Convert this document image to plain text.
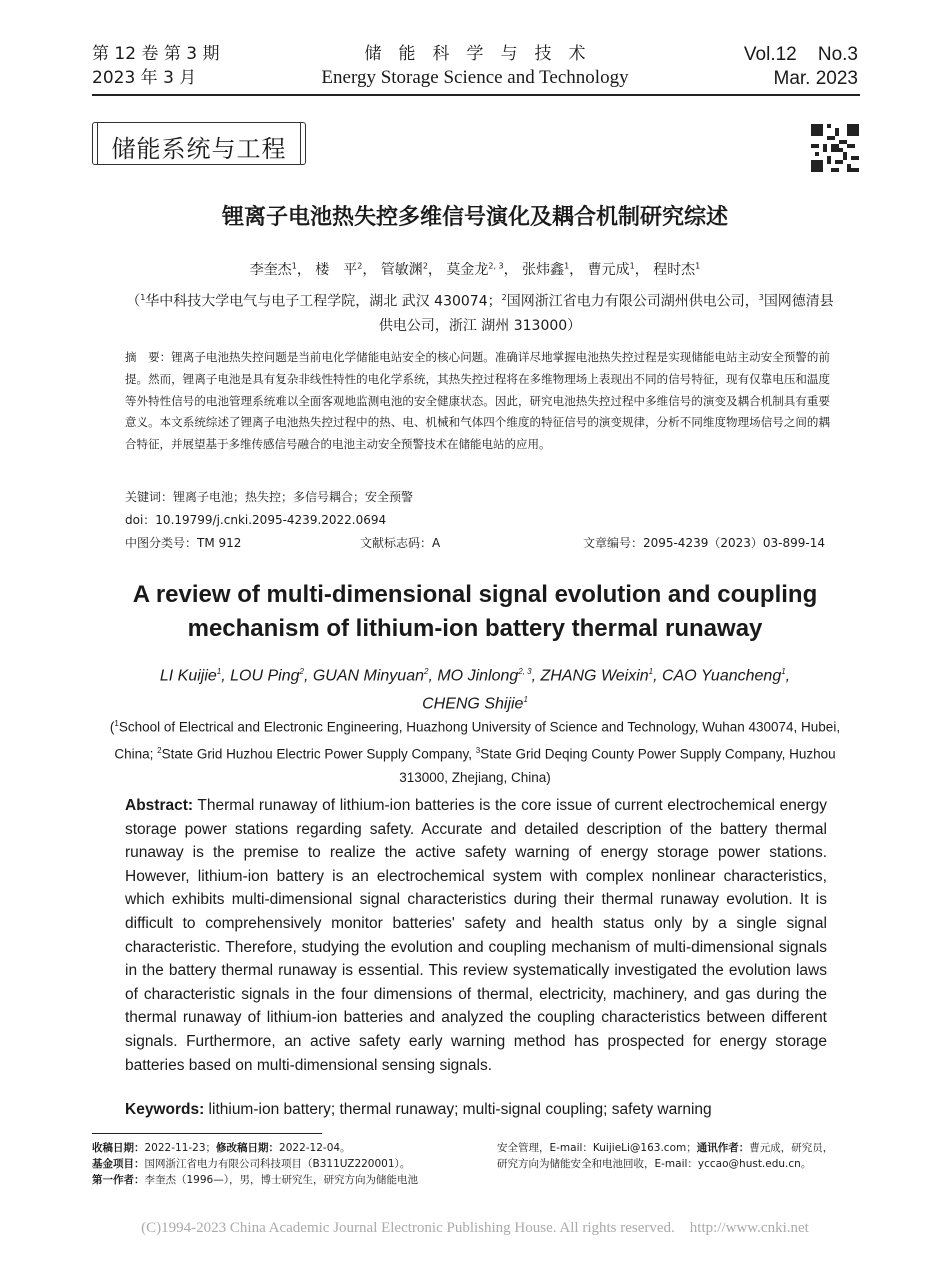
第 12 卷 第 3 期
2023 年 3 月
储　能　科　学　与　技　术
Energy Storage Science and Technology
Vol.12    No.3
Mar. 2023
储能系统与工程
锂离子电池热失控多维信号演化及耦合机制研究综述
李奎杰$^1$， 楼　平$^2$， 管敏渊$^2$， 莫金龙$^{2, 3}$， 张炜鑫$^1$， 曹元成$^1$， 程时杰$^1$
（$^1$华中科技大学电气与电子工程学院，湖北 武汉 430074；$^2$国网浙江省电力有限公司湖州供电公司，$^3$国网德清县供电公司，浙江 湖州 313000）
摘　要：锂离子电池热失控问题是当前电化学储能电站安全的核心问题。准确详尽地掌握电池热失控过程是实现储能电站主动安全预警的前提。然而，锂离子电池是具有复杂非线性特性的电化学系统，其热失控过程将在多维物理场上表现出不同的信号特征，现有仅靠电压和温度等外特性信号的电池管理系统难以全面客观地监测电池的安全健康状态。因此，研究电池热失控过程中多维信号的演变及耦合机制具有重要意义。本文系统综述了锂离子电池热失控过程中的热、电、机械和气体四个维度的特征信号的演变规律，分析不同维度物理场信号之间的耦合特征，并展望基于多维传感信号融合的电池主动安全预警技术在储能电站的应用。
关键词：锂离子电池；热失控；多信号耦合；安全预警
doi：10.19799/j.cnki.2095-4239.2022.0694
中图分类号：TM 912	文献标志码：A	文章编号：2095-4239（2023）03-899-14
A review of multi-dimensional signal evolution and coupling
mechanism of lithium-ion battery thermal runaway
LI Kuijie$^1$, LOU Ping$^2$, GUAN Minyuan$^2$, MO Jinlong$^{2, 3}$, ZHANG Weixin$^1$, CAO Yuancheng$^1$,
CHENG Shijie$^1$
($^1$School of Electrical and Electronic Engineering, Huazhong University of Science and Technology, Wuhan 430074, Hubei, China; $^2$State Grid Huzhou Electric Power Supply Company, $^3$State Grid Deqing County Power Supply Company, Huzhou 313000, Zhejiang, China)
Abstract: Thermal runaway of lithium-ion batteries is the core issue of current electrochemical energy storage power stations regarding safety. Accurate and detailed description of the battery thermal runaway is the premise to realize the active safety warning of energy storage power stations. However, lithium-ion battery is an electrochemical system with complex nonlinear characteristics, which exhibits multi-dimensional signal characteristics during their thermal runaway evolution. It is difficult to comprehensively monitor batteries' safety and health status only by a single signal characteristic. Therefore, studying the evolution and coupling mechanism of multi-dimensional signals in the battery thermal runaway is essential. This review systematically investigated the evolution laws of characteristic signals in the four dimensions of thermal, electricity, machinery, and gas during the thermal runaway of lithium-ion batteries and analyzed the coupling characteristics between different signals. Furthermore, an active safety early warning method has prospected for energy storage batteries based on multi-dimensional sensing signals.
Keywords: lithium-ion battery; thermal runaway; multi-signal coupling; safety warning
收稿日期：2022-11-23；修改稿日期：2022-12-04。
基金项目：国网浙江省电力有限公司科技项目（B311UZ220001）。
第一作者：李奎杰（1996—），男，博士研究生，研究方向为储能电池
安全管理，E-mail：KuijieLi@163.com；通讯作者：曹元成，研究员，
研究方向为储能安全和电池回收，E-mail：yccao@hust.edu.cn。
(C)1994-2023 China Academic Journal Electronic Publishing House. All rights reserved.    http://www.cnki.net
